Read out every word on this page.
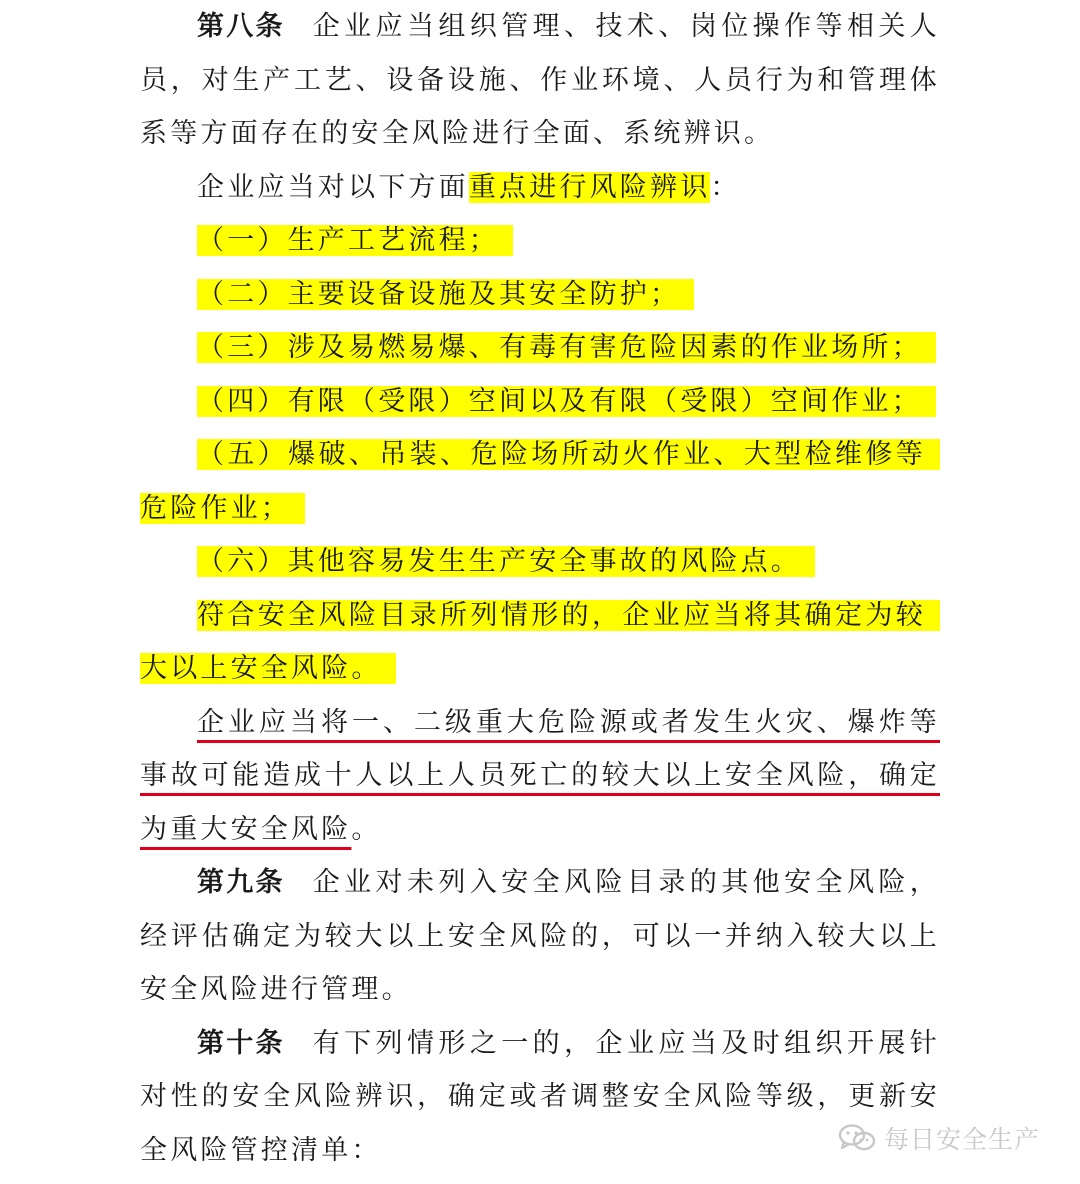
第八条 企业应当组织管理、技术、岗位操作等相关人员，对生产工艺、设备设施、作业环境、人员行为和管理体系等方面存在的安全风险进行全面、系统辨识。

企业应当对以下方面重点进行风险辨识：

（一）生产工艺流程；

（二）主要设备设施及其安全防护；

（三）涉及易燃易爆、有毒有害危险因素的作业场所；

（四）有限（受限）空间以及有限（受限）空间作业；

（五）爆破、吊装、危险场所动火作业、大型检维修等危险作业；

（六）其他容易发生生产安全事故的风险点。

符合安全风险目录所列情形的，企业应当将其确定为较大以上安全风险。

企业应当将一、二级重大危险源或者发生火灾、爆炸等事故可能造成十人以上人员死亡的较大以上安全风险，确定为重大安全风险。

第九条 企业对未列入安全风险目录的其他安全风险，经评估确定为较大以上安全风险的，可以一并纳入较大以上安全风险进行管理。

第十条 有下列情形之一的，企业应当及时组织开展针对性的安全风险辨识，确定或者调整安全风险等级，更新安全风险管控清单：	每日安全生产
